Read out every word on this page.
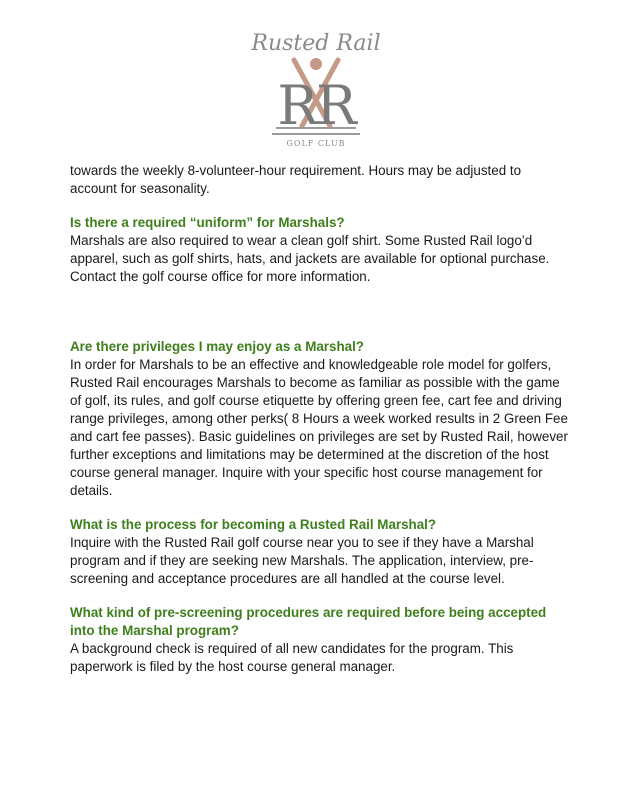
Rusted Rail
RR
GOLF CLUB

towards the weekly 8-volunteer-hour requirement. Hours may be adjusted to account for seasonality.

Is there a required “uniform” for Marshals?

Marshals are also required to wear a clean golf shirt. Some Rusted Rail logo’d apparel, such as golf shirts, hats, and jackets are available for optional purchase. Contact the golf course office for more information.

Are there privileges I may enjoy as a Marshal?

In order for Marshals to be an effective and knowledgeable role model for golfers, Rusted Rail encourages Marshals to become as familiar as possible with the game of golf, its rules, and golf course etiquette by offering green fee, cart fee and driving range privileges, among other perks( 8 Hours a week worked results in 2 Green Fee and cart fee passes). Basic guidelines on privileges are set by Rusted Rail, however further exceptions and limitations may be determined at the discretion of the host course general manager. Inquire with your specific host course management for details.

What is the process for becoming a Rusted Rail Marshal?

Inquire with the Rusted Rail golf course near you to see if they have a Marshal program and if they are seeking new Marshals. The application, interview, pre-screening and acceptance procedures are all handled at the course level.

What kind of pre-screening procedures are required before being accepted into the Marshal program?

A background check is required of all new candidates for the program. This paperwork is filed by the host course general manager.
